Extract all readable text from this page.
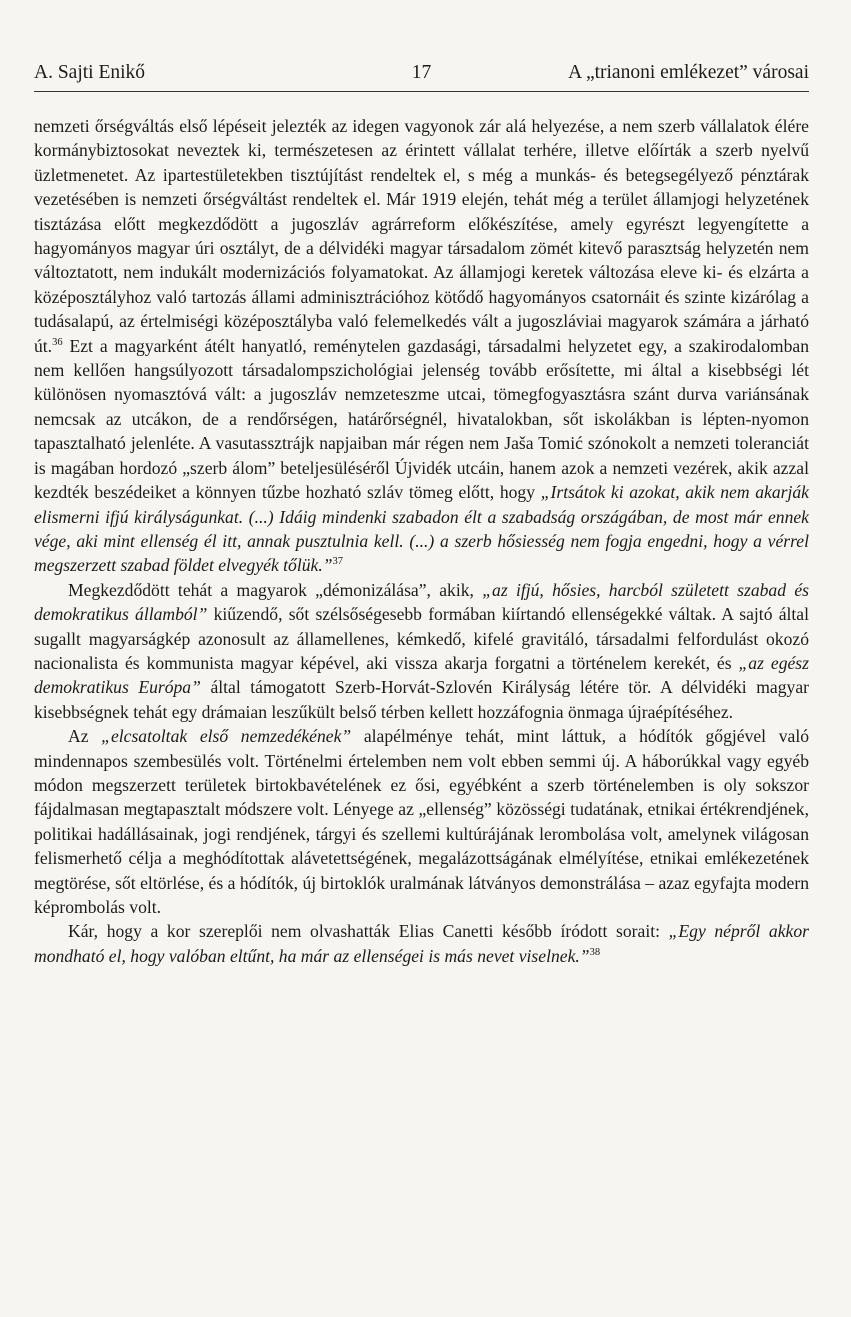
A. Sajti Enikő	17	A „trianoni emlékezet” városai

nemzeti őrségváltás első lépéseit jelezték az idegen vagyonok zár alá helyezése, a nem szerb vállalatok élére kormánybiztosokat neveztek ki, természetesen az érintett vállalat terhére, illetve előírták a szerb nyelvű üzletmenetet. Az ipartestületekben tisztújítást rendeltek el, s még a munkás- és betegsegélyező pénztárak vezetésében is nemzeti őrségváltást rendeltek el. Már 1919 elején, tehát még a terület államjogi helyzetének tisztázása előtt megkezdődött a jugoszláv agrárreform előkészítése, amely egyrészt legyengítette a hagyományos magyar úri osztályt, de a délvidéki magyar társadalom zömét kitevő parasztság helyzetén nem változtatott, nem indukált modernizációs folyamatokat. Az államjogi keretek változása eleve ki- és elzárta a középosztályhoz való tartozás állami adminisztrációhoz kötődő hagyományos csatornáit és szinte kizárólag a tudásalapú, az értelmiségi középosztályba való felemelkedés vált a jugoszláviai magyarok számára a járható út.$^{36}$ Ezt a magyarként átélt hanyatló, reménytelen gazdasági, társadalmi helyzetet egy, a szakirodalomban nem kellően hangsúlyozott társadalompszichológiai jelenség tovább erősítette, mi által a kisebbségi lét különösen nyomasztóvá vált: a jugoszláv nemzeteszme utcai, tömegfogyasztásra szánt durva variánsának nemcsak az utcákon, de a rendőrségen, határőrségnél, hivatalokban, sőt iskolákban is lépten-nyomon tapasztalható jelenléte. A vasutassztrájk napjaiban már régen nem Jaša Tomić szónokolt a nemzeti toleranciát is magában hordozó „szerb álom” beteljesüléséről Újvidék utcáin, hanem azok a nemzeti vezérek, akik azzal kezdték beszédeiket a könnyen tűzbe hozható szláv tömeg előtt, hogy „Irtsátok ki azokat, akik nem akarják elismerni ifjú királyságunkat. (...) Idáig mindenki szabadon élt a szabadság országában, de most már ennek vége, aki mint ellenség él itt, annak pusztulnia kell. (...) a szerb hősiesség nem fogja engedni, hogy a vérrel megszerzett szabad földet elvegyék tőlük.”$^{37}$

Megkezdődött tehát a magyarok „démonizálása”, akik, „az ifjú, hősies, harcból született szabad és demokratikus államból” kiűzendő, sőt szélsőségesebb formában kiírtandó ellenségekké váltak. A sajtó által sugallt magyarságkép azonosult az államellenes, kémkedő, kifelé gravitáló, társadalmi felfordulást okozó nacionalista és kommunista magyar képével, aki vissza akarja forgatni a történelem kerekét, és „az egész demokratikus Európa” által támogatott Szerb-Horvát-Szlovén Királyság létére tör. A délvidéki magyar kisebbségnek tehát egy drámaian leszűkült belső térben kellett hozzáfognia önmaga újraépítéséhez.

Az „elcsatoltak első nemzedékének” alapélménye tehát, mint láttuk, a hódítók gőgjével való mindennapos szembesülés volt. Történelmi értelemben nem volt ebben semmi új. A háborúkkal vagy egyéb módon megszerzett területek birtokbavételének ez ősi, egyébként a szerb történelemben is oly sokszor fájdalmasan megtapasztalt módszere volt. Lényege az „ellenség” közösségi tudatának, etnikai értékrendjének, politikai hadállásainak, jogi rendjének, tárgyi és szellemi kultúrájának lerombolása volt, amelynek világosan felismerhető célja a meghódítottak alávetettségének, megalázottságának elmélyítése, etnikai emlékezetének megtörése, sőt eltörlése, és a hódítók, új birtoklók uralmának látványos demonstrálása – azaz egyfajta modern képrombolás volt.

Kár, hogy a kor szereplői nem olvashatták Elias Canetti később íródott sorait: „Egy népről akkor mondható el, hogy valóban eltűnt, ha már az ellenségei is más nevet viselnek.”$^{38}$
